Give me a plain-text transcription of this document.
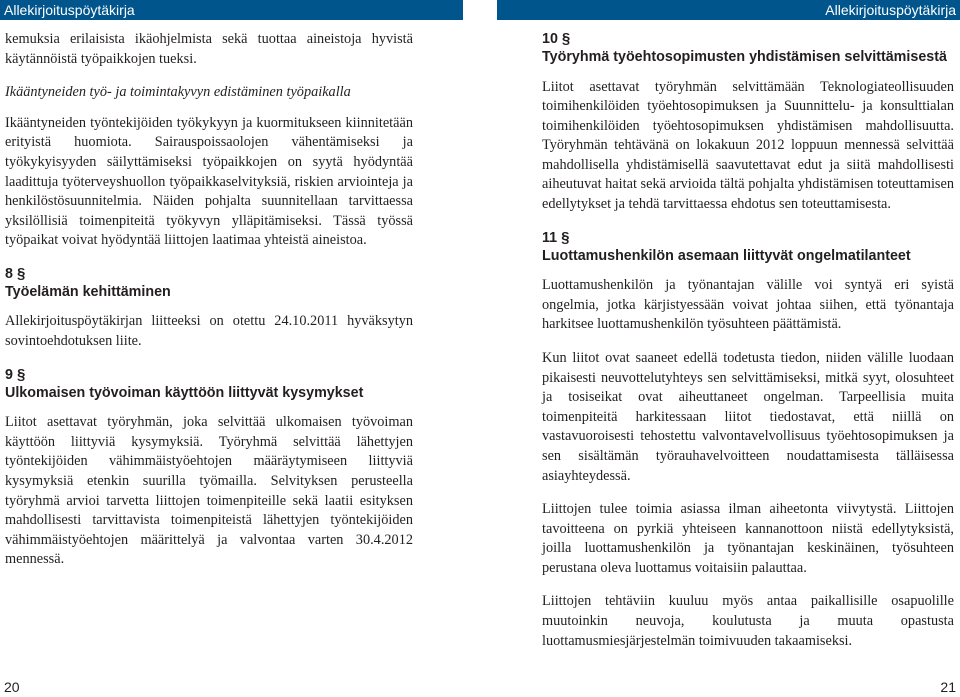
Allekirjoituspöytäkirja	Allekirjoituspöytäkirja

kemuksia erilaisista ikäohjelmista sekä tuottaa aineistoja hyvistä käytännöistä työpaikkojen tueksi.

Ikääntyneiden työ- ja toimintakyvyn edistäminen työpaikalla

Ikääntyneiden työntekijöiden työkykyyn ja kuormitukseen kiinnitetään erityistä huomiota. Sairauspoissaolojen vähentämiseksi ja työkykyisyyden säilyttämiseksi työpaikkojen on syytä hyödyntää laadittuja työterveyshuollon työpaikkaselvityksiä, riskien arviointeja ja henkilöstösuunnitelmia. Näiden pohjalta suunnitellaan tarvittaessa yksilöllisiä toimenpiteitä työkyvyn ylläpitämiseksi. Tässä työssä työpaikat voivat hyödyntää liittojen laatimaa yhteistä aineistoa.

8 §
Työelämän kehittäminen

Allekirjoituspöytäkirjan liitteeksi on otettu 24.10.2011 hyväksytyn sovintoehdotuksen liite.

9 §
Ulkomaisen työvoiman käyttöön liittyvät kysymykset

Liitot asettavat työryhmän, joka selvittää ulkomaisen työvoiman käyttöön liittyviä kysymyksiä. Työryhmä selvittää lähettyjen työntekijöiden vähimmäistyöehtojen määräytymiseen liittyviä kysymyksiä etenkin suurilla työmailla. Selvityksen perusteella työryhmä arvioi tarvetta liittojen toimenpiteille sekä laatii esityksen mahdollisesti tarvittavista toimenpiteistä lähettyjen työntekijöiden vähimmäistyöehtojen määrittelyä ja valvontaa varten 30.4.2012 mennessä.

10 §
Työryhmä työehtosopimusten yhdistämisen selvittämisestä

Liitot asettavat työryhmän selvittämään Teknologiateollisuuden toimihenkilöiden työehtosopimuksen ja Suunnittelu- ja konsulttialan toimihenkilöiden työehtosopimuksen yhdistämisen mahdollisuutta. Työryhmän tehtävänä on lokakuun 2012 loppuun mennessä selvittää mahdollisella yhdistämisellä saavutettavat edut ja siitä mahdollisesti aiheutuvat haitat sekä arvioida tältä pohjalta yhdistämisen toteuttamisen edellytykset ja tehdä tarvittaessa ehdotus sen toteuttamisesta.

11 §
Luottamushenkilön asemaan liittyvät ongelmatilanteet

Luottamushenkilön ja työnantajan välille voi syntyä eri syistä ongelmia, jotka kärjistyessään voivat johtaa siihen, että työnantaja harkitsee luottamushenkilön työsuhteen päättämistä.

Kun liitot ovat saaneet edellä todetusta tiedon, niiden välille luodaan pikaisesti neuvottelutyhteys sen selvittämiseksi, mitkä syyt, olosuhteet ja tosiseikat ovat aiheuttaneet ongelman. Tarpeellisia muita toimenpiteitä harkitessaan liitot tiedostavat, että niillä on vastavuoroisesti tehostettu valvontavelvollisuus työehtosopimuksen ja sen sisältämän työrauhavelvoitteen noudattamisesta tälläisessa asiayhteydessä.

Liittojen tulee toimia asiassa ilman aiheetonta viivytystä. Liittojen tavoitteena on pyrkiä yhteiseen kannanottoon niistä edellytyksistä, joilla luottamushenkilön ja työnantajan keskinäinen, työsuhteen perustana oleva luottamus voitaisiin palauttaa.

Liittojen tehtäviin kuuluu myös antaa paikallisille osapuolille muutoinkin neuvoja, koulutusta ja muuta opastusta luottamusmiesjärjestelmän toimivuuden takaamiseksi.

20	21
